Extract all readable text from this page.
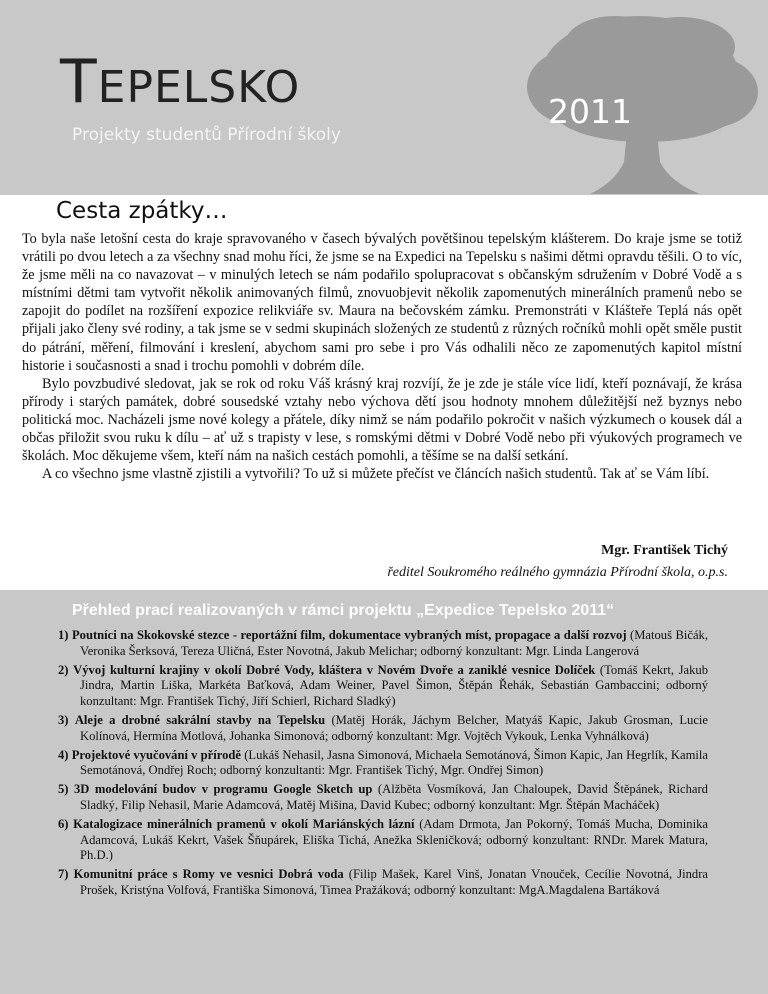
TEPELSKO
Projekty studentů Přírodní školy
2011
Cesta zpátky…

To byla naše letošní cesta do kraje spravovaného v časech bývalých povětšinou tepelským klášterem. Do kraje jsme se totiž vrátili po dvou letech a za všechny snad mohu říci, že jsme se na Expedici na Tepelsku s našimi dětmi opravdu těšili. O to víc, že jsme měli na co navazovat – v minulých letech se nám podařilo spolupracovat s občanským sdružením v Dobré Vodě a s místními dětmi tam vytvořit několik animovaných filmů, znovuobjevit několik zapomenutých minerálních pramenů nebo se zapojit do podílet na rozšíření expozice relikviáře sv. Maura na bečovském zámku. Premonstráti v Klášteře Teplá nás opět přijali jako členy své rodiny, a tak jsme se v sedmi skupinách složených ze studentů z různých ročníků mohli opět směle pustit do pátrání, měření, filmování i kreslení, abychom sami pro sebe i pro Vás odhalili něco ze zapomenutých kapitol místní historie i současnosti a snad i trochu pomohli v dobrém díle.

Bylo povzbudivé sledovat, jak se rok od roku Váš krásný kraj rozvíjí, že je zde je stále více lidí, kteří poznávají, že krása přírody i starých památek, dobré sousedské vztahy nebo výchova dětí jsou hodnoty mnohem důležitější než byznys nebo politická moc. Nacházeli jsme nové kolegy a přátele, díky nimž se nám podařilo pokročit v našich výzkumech o kousek dál a občas přiložit svou ruku k dílu – ať už s trapisty v lese, s romskými dětmi v Dobré Vodě nebo při výukových programech ve školách. Moc děkujeme všem, kteří nám na našich cestách pomohli, a těšíme se na další setkání.

A co všechno jsme vlastně zjistili a vytvořili? To už si můžete přečíst ve článcích našich studentů. Tak ať se Vám líbí.

Mgr. František Tichý
ředitel Soukromého reálného gymnázia Přírodní škola, o.p.s.
Přehled prací realizovaných v rámci projektu „Expedice Tepelsko 2011“
1) Poutníci na Skokovské stezce - reportážní film, dokumentace vybraných míst, propagace a další rozvoj (Matouš Bičák, Veronika Šerksová, Tereza Uličná, Ester Novotná, Jakub Melichar; odborný konzultant: Mgr. Linda Langerová
2) Vývoj kulturní krajiny v okolí Dobré Vody, kláštera v Novém Dvoře a zaniklé vesnice Dolíček (Tomáš Kekrt, Jakub Jindra, Martin Liška, Markéta Baťková, Adam Weiner, Pavel Šimon, Štěpán Řehák, Sebastián Gambaccini; odborný konzultant: Mgr. František Tichý, Jiří Schierl, Richard Sladký)
3) Aleje a drobné sakrální stavby na Tepelsku (Matěj Horák, Jáchym Belcher, Matyáš Kapic, Jakub Grosman, Lucie Kolínová, Hermína Motlová, Johanka Simonová; odborný konzultant: Mgr. Vojtěch Vykouk, Lenka Vyhnálková)
4) Projektové vyučování v přírodě (Lukáš Nehasil, Jasna Simonová, Michaela Semotánová, Šimon Kapic, Jan Hegrlík, Kamila Semotánová, Ondřej Roch; odborný konzultanti: Mgr. František Tichý, Mgr. Ondřej Simon)
5) 3D modelování budov v programu Google Sketch up (Alžběta Vosmíková, Jan Chaloupek, David Štěpánek, Richard Sladký, Filip Nehasil, Marie Adamcová, Matěj Mišina, David Kubec; odborný konzultant: Mgr. Štěpán Macháček)
6) Katalogizace minerálních pramenů v okolí Mariánských lázní (Adam Drmota, Jan Pokorný, Tomáš Mucha, Dominika Adamcová, Lukáš Kekrt, Vašek Šňupárek, Eliška Tichá, Anežka Skleničková; odborný konzultant: RNDr. Marek Matura, Ph.D.)
7) Komunitní práce s Romy ve vesnici Dobrá voda (Filip Mašek, Karel Vinš, Jonatan Vnouček, Cecílie Novotná, Jindra Prošek, Kristýna Volfová, Františka Simonová, Timea Pražáková; odborný konzultant: MgA.Magdalena Bartáková
